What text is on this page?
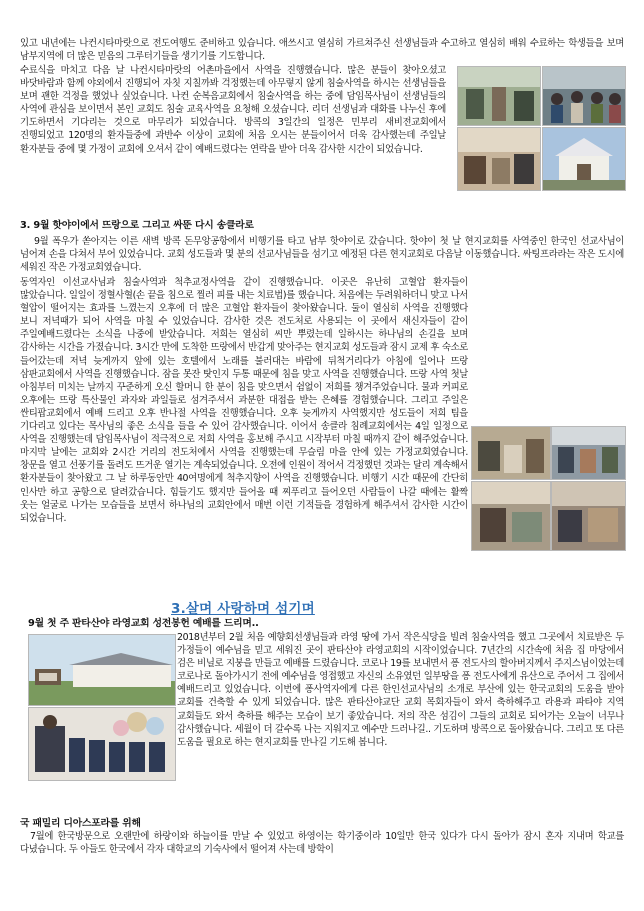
있고 내년에는 나컨시타마랏으로 전도여행도 준비하고 있습니다. 애쓰시고 열심히 가르쳐주신 선생님들과 수고하고 열심히 배워 수료하는 학생들을 보며 남부지역에 더 많은 믿음의 그루터기들을 생기기를 기도합니다.

수료식을 마치고 다음 날 나컨시타마랏의 어촌마을에서 사역을 진행했습니다. 많은 분들이 찾아오셨고 바닷바람과 함께 야외에서 진행되어 자칫 지칠까봐 걱정했는데 아무렇지 않게 침술사역을 하시는 선생님들을 보며 괜한 걱정을 했었나 싶었습니다. 나컨 순복음교회에서 침술사역을 하는 중에 담임목사님이 선생님들의 사역에 관심을 보이면서 본인 교회도 침술 교육사역을 요청해 오셨습니다. 리더 선생님과 대화를 나누신 후에 기도하면서 기다리는 것으로 마무리가 되었습니다. 방콕의 3일간의 일정은 민부리 새비전교회에서 진행되었고 120명의 환자들중에 과반수 이상이 교회에 처음 오시는 분들이어서 더욱 감사했는데 주일날 환자분들 중에 몇 가정이 교회에 오셔서 같이 예배드렸다는 연락을 받아 더욱 감사한 시간이 되었습니다.

3. 9월 핫야이에서 뜨랑으로 그리고 싸뚠 다시 송클라로

9월 폭우가 쏟아지는 이른 새벽 방콕 돈무앙공항에서 비행기를 타고 남부 핫야이로 갔습니다. 핫야이 첫 날 현지교회를 사역중인 한국인 선교사님이 넘어져 손을 다쳐서 부어 있었습니다. 교회 성도들과 몇 분의 선교사님들을 섬기고 예정된 다른 현지교회로 다음날 이동했습니다. 싸팅프라라는 작은 도시에 세워진 작은 가정교회였습니다.

동역자인 이선교사님과 침술사역과 척추교정사역을 같이 진행했습니다. 이곳은 유난히 고혈압 환자들이 많았습니다. 일일이 정혈사혈(손 끝을 침으로 찔러 피를 내는 치료법)를 했습니다. 처음에는 두려워하더니 맞고 나서 혈압이 떨어지는 효과를 느꼈는지 오후에 더 많은 고혈압 환자들이 찾아왔습니다. 둘이 열심히 사역을 진행했다 보니 저녁때가 되어 사역을 마칠 수 있었습니다. 감사한 것은 전도처로 사용되는 이 곳에서 새신자들이 같이 주일예배드렸다는 소식을 나중에 받았습니다. 저희는 열심히 씨만 뿌렸는데 일하시는 하나님의 손길을 보며 감사하는 시간을 가졌습니다. 3시간 만에 도착한 뜨랑에서 반갑게 맞아주는 현지교회 성도들과 잠시 교제 후 숙소로 들어갔는데 저녁 늦게까지 앞에 있는 호텔에서 노래를 불러대는 바람에 뒤척거리다가 아침에 일어나 뜨랑 삼판교회에서 사역을 진행했습니다. 잠을 못잔 탓인지 두통 때문에 침을 맞고 사역을 진행했습니다. 뜨랑 사역 첫날 아침부터 미치는 날까지 꾸준하게 오신 할머니 한 분이 침을 맞으면서 쉼없이 저희를 챙겨주었습니다. 물과 커피로 오후에는 뜨랑 특산물인 과자와 과일들로 섬겨주셔서 과분한 대접을 받는 은혜를 경험했습니다. 그리고 주일은 싼티팝교회에서 예배 드리고 오후 반나절 사역을 진행했습니다. 오후 늦게까지 사역했지만 성도들이 저희 팀을 기다리고 있다는 목사님의 좋은 소식을 들을 수 있어 감사했습니다. 이어서 송클라 침례교회에서는 4일 일정으로 사역을 진행했는데 담임목사님이 적극적으로 저희 사역을 홍보해 주시고 시작부터 마칠 때까지 같이 해주었습니다. 마지막 날에는 교회와 2시간 거리의 전도처에서 사역을 진행했는데 무슬림 마을 안에 있는 가정교회였습니다. 창문을 열고 선풍기를 돌려도 뜨거운 열기는 계속되었습니다. 오전에 인원이 적어서 걱정했던 것과는 달리 계속해서 환자분들이 찾아왔고 그 날 하루동안만 40여명에게 척추지향이 사역을 진행했습니다. 비행기 시간 때문에 간단히 인사만 하고 공항으로 달려갔습니다. 힘들기도 했지만 들어올 때 찌푸리고 들어오던 사람들이 나갈 때에는 활짝 웃는 얼굴로 나가는 모습들을 보면서 하나님의 교회안에서 매번 이런 기적들을 경험하게 해주셔서 감사한 시간이 되었습니다.

3.살며 사랑하며 섬기며

9월 첫 주 판타산야 라영교회 성전봉헌 예배를 드리며..

2018년부터 2월 처음 예향회선생님들과 라영 땅에 가서 작은식당을 빌려 침술사역을 했고 그곳에서 치료받은 두 가정들이 예수님을 믿고 세워진 곳이 판타산야 라영교회의 시작이었습니다. 7년간의 시간속에 처음 집 마당에서 검은 비닐로 지붕을 만들고 예배를 드렸습니다. 코로나 19를 보내면서 퐁 전도사의 할아버지께서 주지스님이었는데 코로나로 돌아가시기 전에 예수님을 영접했고 자신의 소유였던 일부땅을 퐁 전도사에게 유산으로 주어서 그 집에서 예배드리고 있었습니다. 이번에 퐁사역자에게 다른 한인선교사님의 소개로 부산에 있는 한국교회의 도움을 받아 교회를 건축할 수 있게 되었습니다. 많은 판타산야교단 교회 목회자들이 와서 축하해주고 라용과 파타야 지역 교회들도 와서 축하를 해주는 모습이 보기 좋았습니다. 저의 작은 섬김이 그들의 교회로 되어가는 오늘이 너무나 감사했습니다. 세월이 더 갈수록 나는 지워지고 예수만 드러나길.. 기도하며 방콕으로 돌아왔습니다. 그리고 또 다른 도움을 필요로 하는 현지교회를 만나길 기도해 봅니다.

국 패밀리 디아스포라를 위해

7월에 한국방문으로 오랜만에 하랑이와 하늘이를 만날 수 있었고 하영이는 학기중이라 10일만 한국 있다가 다시 돌아가 잠시 혼자 지내며 학교를 다녔습니다. 두 아들도 한국에서 각자 대학교의 기숙사에서 떨어져 사는데 방학이
